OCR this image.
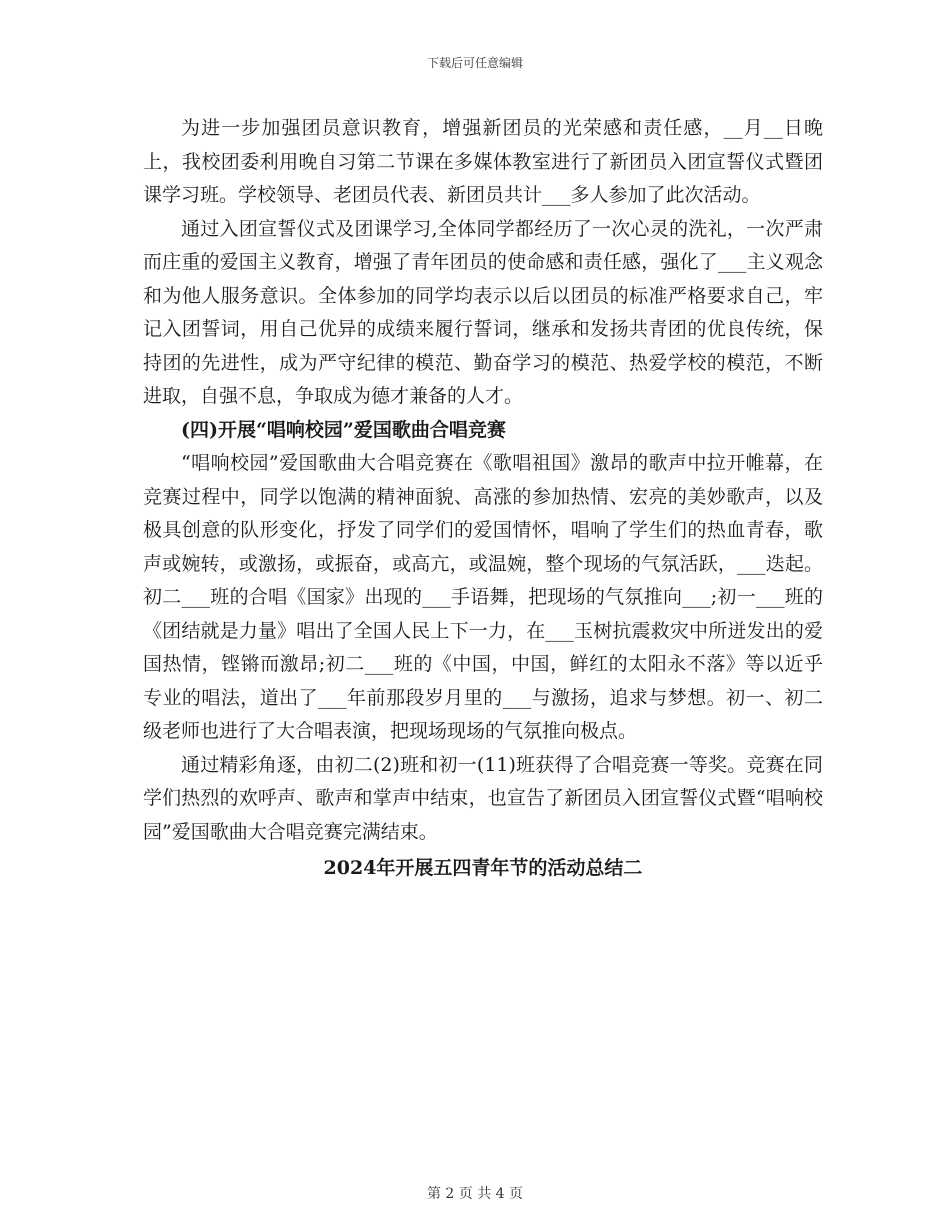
下载后可任意编辑

为进一步加强团员意识教育，增强新团员的光荣感和责任感，__月__日晚上，我校团委利用晚自习第二节课在多媒体教室进行了新团员入团宣誓仪式暨团课学习班。学校领导、老团员代表、新团员共计___多人参加了此次活动。

通过入团宣誓仪式及团课学习,全体同学都经历了一次心灵的洗礼，一次严肃而庄重的爱国主义教育，增强了青年团员的使命感和责任感，强化了___主义观念和为他人服务意识。全体参加的同学均表示以后以团员的标准严格要求自己，牢记入团誓词，用自己优异的成绩来履行誓词，继承和发扬共青团的优良传统，保持团的先进性，成为严守纪律的模范、勤奋学习的模范、热爱学校的模范，不断进取，自强不息，争取成为德才兼备的人才。

(四)开展“唱响校园”爱国歌曲合唱竞赛

“唱响校园”爱国歌曲大合唱竞赛在《歌唱祖国》激昂的歌声中拉开帷幕，在竞赛过程中，同学以饱满的精神面貌、高涨的参加热情、宏亮的美妙歌声，以及极具创意的队形变化，抒发了同学们的爱国情怀，唱响了学生们的热血青春，歌声或婉转，或激扬，或振奋，或高亢，或温婉，整个现场的气氛活跃，___迭起。初二___班的合唱《国家》出现的___手语舞，把现场的气氛推向___;初一___班的《团结就是力量》唱出了全国人民上下一力，在___玉树抗震救灾中所迸发出的爱国热情，铿锵而激昂;初二___班的《中国，中国，鲜红的太阳永不落》等以近乎专业的唱法，道出了___年前那段岁月里的___与激扬，追求与梦想。初一、初二级老师也进行了大合唱表演，把现场现场的气氛推向极点。

通过精彩角逐，由初二(2)班和初一(11)班获得了合唱竞赛一等奖。竞赛在同学们热烈的欢呼声、歌声和掌声中结束，也宣告了新团员入团宣誓仪式暨“唱响校园”爱国歌曲大合唱竞赛完满结束。

2024年开展五四青年节的活动总结二

第 2 页 共 4 页
